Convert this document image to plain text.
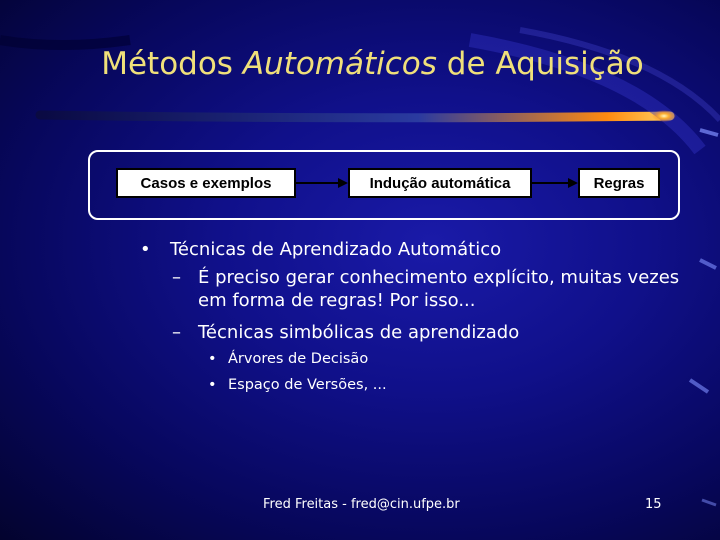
Métodos Automáticos de Aquisição
Casos e exemplos	Indução automática	Regras
• Técnicas de Aprendizado Automático
– É preciso gerar conhecimento explícito, muitas vezes
em forma de regras! Por isso...
– Técnicas simbólicas de aprendizado
• Árvores de Decisão
• Espaço de Versões, ...
Fred Freitas - fred@cin.ufpe.br	15
